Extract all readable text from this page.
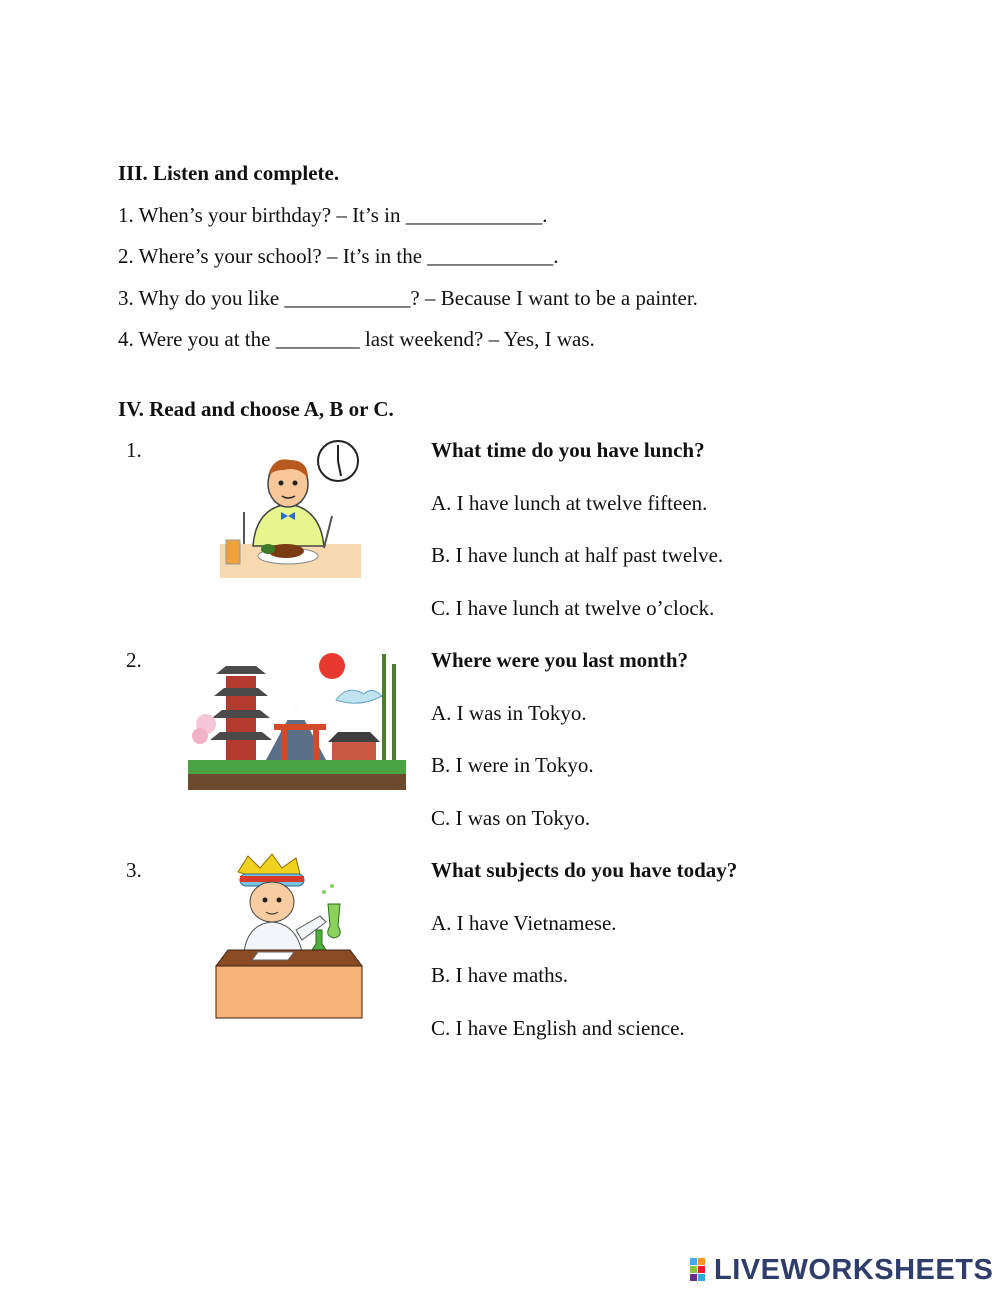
III. Listen and complete.
1. When’s your birthday? – It’s in _____________.
2. Where’s your school? – It’s in the ____________.
3. Why do you like ____________? – Because I want to be a painter.
4. Were you at the ________ last weekend? – Yes, I was.
IV. Read and choose A, B or C.
1.	What time do you have lunch?
A. I have lunch at twelve fifteen.
B. I have lunch at half past twelve.
C. I have lunch at twelve o’clock.
2.	Where were you last month?
A. I was in Tokyo.
B. I were in Tokyo.
C. I was on Tokyo.
3.	What subjects do you have today?
A. I have Vietnamese.
B. I have maths.
C. I have English and science.
LIVEWORKSHEETS
